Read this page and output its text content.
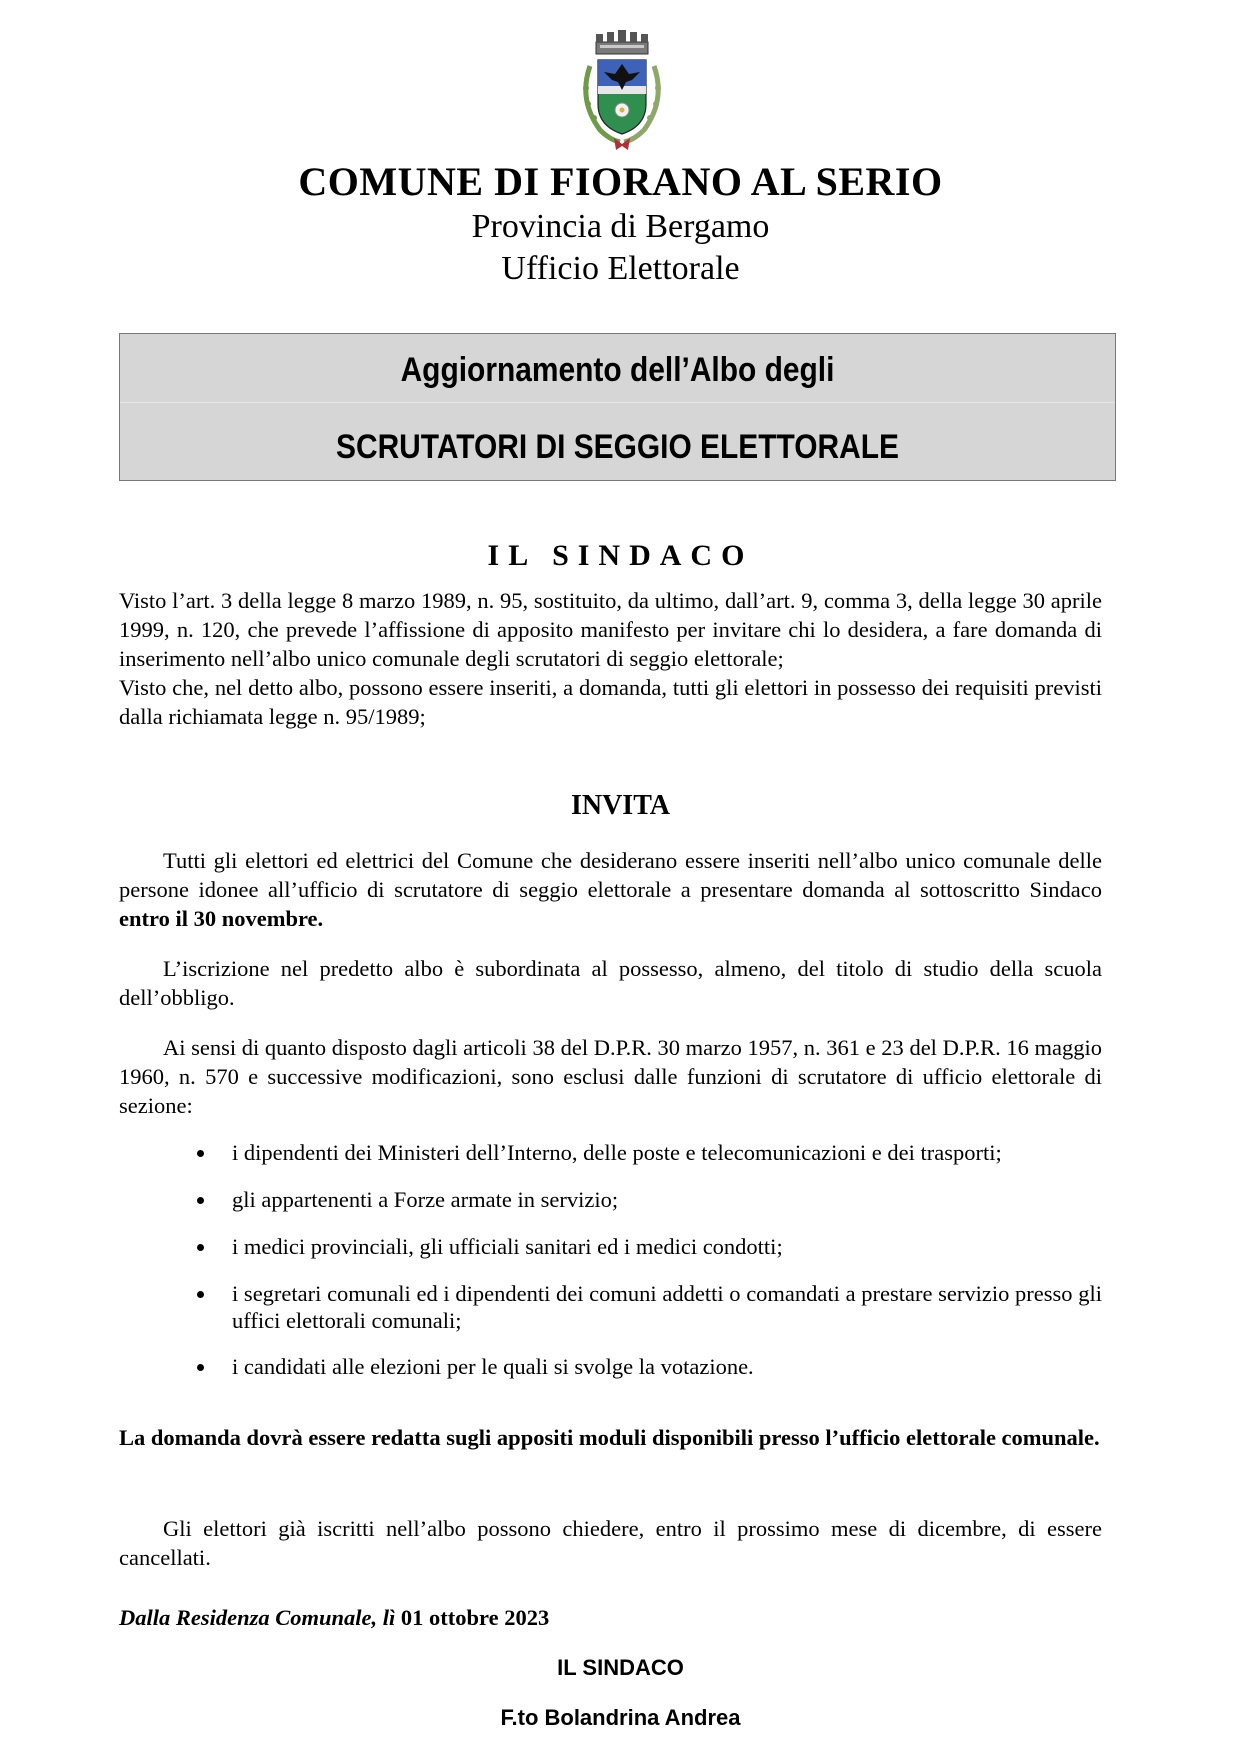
COMUNE DI FIORANO AL SERIO
Provincia di Bergamo
Ufficio Elettorale
Aggiornamento dell’Albo degli
SCRUTATORI DI SEGGIO ELETTORALE
IL SINDACO
Visto l’art. 3 della legge 8 marzo 1989, n. 95, sostituito, da ultimo, dall’art. 9, comma 3, della legge 30 aprile 1999, n. 120, che prevede l’affissione di apposito manifesto per invitare chi lo desidera, a fare domanda di inserimento nell’albo unico comunale degli scrutatori di seggio elettorale;
Visto che, nel detto albo, possono essere inseriti, a domanda, tutti gli elettori in possesso dei requisiti previsti dalla richiamata legge n. 95/1989;
INVITA
Tutti gli elettori ed elettrici del Comune che desiderano essere inseriti nell’albo unico comunale delle persone idonee all’ufficio di scrutatore di seggio elettorale a presentare domanda al sottoscritto Sindaco entro il 30 novembre.
L’iscrizione nel predetto albo è subordinata al possesso, almeno, del titolo di studio della scuola dell’obbligo.
Ai sensi di quanto disposto dagli articoli 38 del D.P.R. 30 marzo 1957, n. 361 e 23 del D.P.R. 16 maggio 1960, n. 570 e successive modificazioni, sono esclusi dalle funzioni di scrutatore di ufficio elettorale di sezione:
i dipendenti dei Ministeri dell’Interno, delle poste e telecomunicazioni e dei trasporti;
gli appartenenti a Forze armate in servizio;
i medici provinciali, gli ufficiali sanitari ed i medici condotti;
i segretari comunali ed i dipendenti dei comuni addetti o comandati a prestare servizio presso gli uffici elettorali comunali;
i candidati alle elezioni per le quali si svolge la votazione.
La domanda dovrà essere redatta sugli appositi moduli disponibili presso l’ufficio elettorale comunale.
Gli elettori già iscritti nell’albo possono chiedere, entro il prossimo mese di dicembre, di essere cancellati.
Dalla Residenza Comunale, lì 01 ottobre 2023
IL SINDACO
F.to Bolandrina Andrea
